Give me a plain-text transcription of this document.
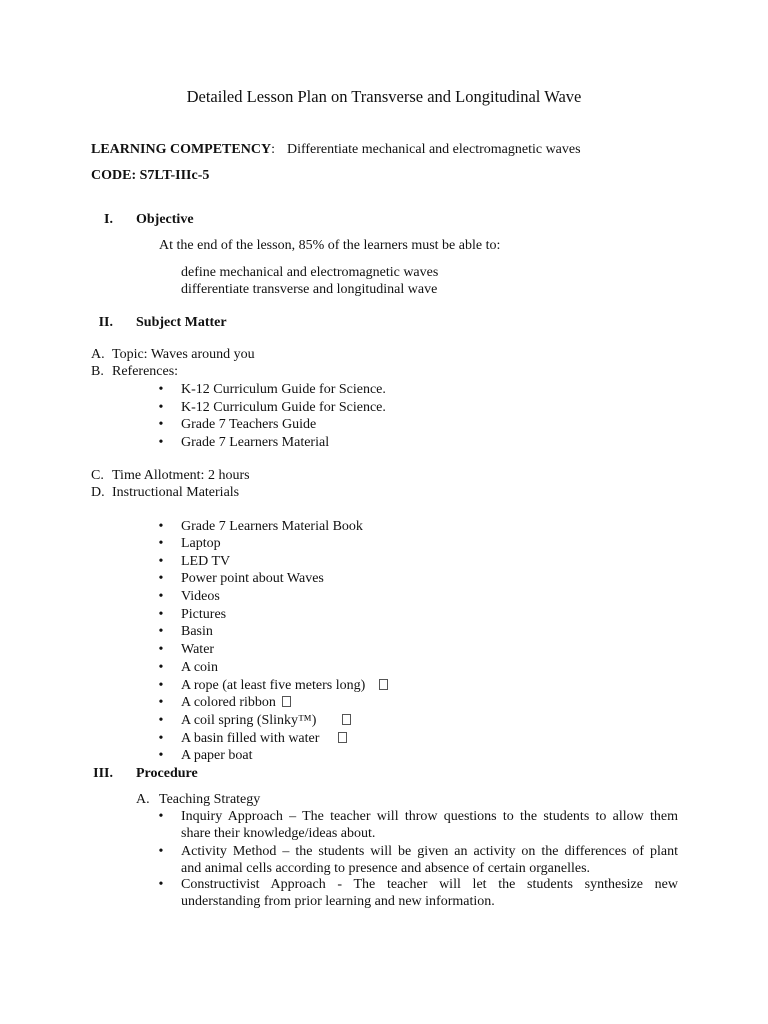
Detailed Lesson Plan on Transverse and Longitudinal Wave
LEARNING COMPETENCY: Differentiate mechanical and electromagnetic waves
CODE: S7LT-IIIc-5
I. Objective
At the end of the lesson, 85% of the learners must be able to:
define mechanical and electromagnetic waves
differentiate transverse and longitudinal wave
II. Subject Matter
A. Topic: Waves around you
B. References:
• K-12 Curriculum Guide for Science.
• K-12 Curriculum Guide for Science.
• Grade 7 Teachers Guide
• Grade 7 Learners Material
C. Time Allotment: 2 hours
D. Instructional Materials
• Grade 7 Learners Material Book
• Laptop
• LED TV
• Power point about Waves
• Videos
• Pictures
• Basin
• Water
• A coin
• A rope (at least five meters long)
• A colored ribbon
• A coil spring (Slinky™)
• A basin filled with water
• A paper boat
III. Procedure
A. Teaching Strategy
• Inquiry Approach – The teacher will throw questions to the students to allow them
share their knowledge/ideas about.
• Activity Method – the students will be given an activity on the differences of plant
and animal cells according to presence and absence of certain organelles.
• Constructivist Approach - The teacher will let the students synthesize new
understanding from prior learning and new information.
